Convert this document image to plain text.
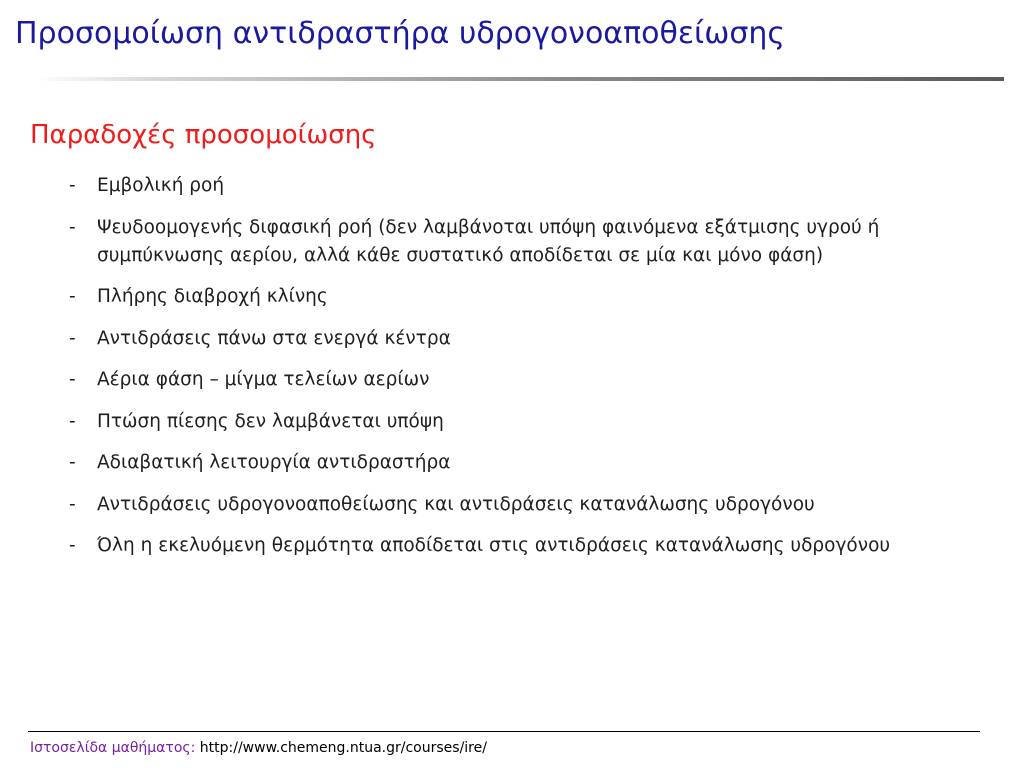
Προσομοίωση αντιδραστήρα υδρογονοαποθείωσης
Παραδοχές προσομοίωσης
- Εμβολική ροή
- Ψευδοομογενής διφασική ροή (δεν λαμβάνοται υπόψη φαινόμενα εξάτμισης υγρού ή συμπύκνωσης αερίου, αλλά κάθε συστατικό αποδίδεται σε μία και μόνο φάση)
- Πλήρης διαβροχή κλίνης
- Αντιδράσεις πάνω στα ενεργά κέντρα
- Αέρια φάση – μίγμα τελείων αερίων
- Πτώση πίεσης δεν λαμβάνεται υπόψη
- Αδιαβατική λειτουργία αντιδραστήρα
- Αντιδράσεις υδρογονοαποθείωσης και αντιδράσεις κατανάλωσης υδρογόνου
- Όλη η εκελυόμενη θερμότητα αποδίδεται στις αντιδράσεις κατανάλωσης υδρογόνου
Ιστοσελίδα μαθήματος: http://www.chemeng.ntua.gr/courses/ire/
